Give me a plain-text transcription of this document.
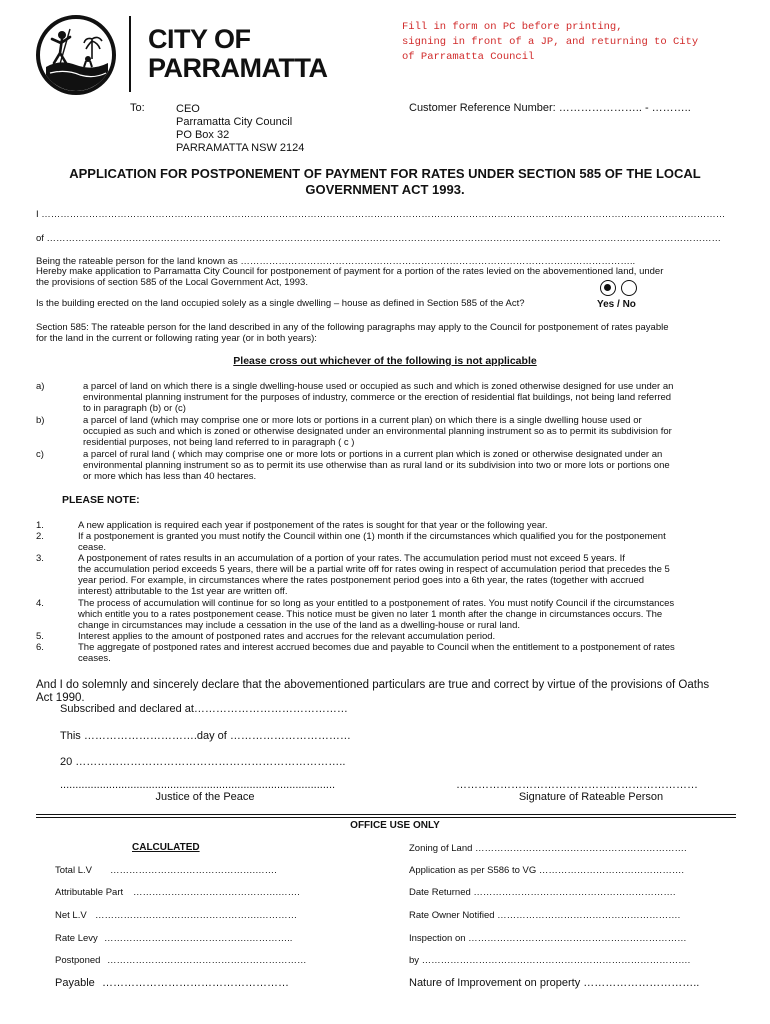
CITY OF
PARRAMATTA
Fill in form on PC before printing,
signing in front of a JP, and returning to City
of Parramatta Council
To:	CEO
Parramatta City Council
PO Box 32
PARRAMATTA NSW 2124
Customer Reference Number: ………………….. - ………..
APPLICATION FOR POSTPONEMENT OF PAYMENT FOR RATES UNDER SECTION 585 OF THE LOCAL
GOVERNMENT ACT 1993.
I ………………………………………………………………………………………………………………………………………………………………………………………………
of ……………………………………………………………………………………………………………………………………………………………………………………………
Being the rateable person for the land known as ……………………………………………………………………………………………………………..
Hereby make application to Parramatta City Council for postponement of payment for a portion of the rates levied on the abovementioned land, under
the provisions of section 585 of the Local Government Act, 1993.
Is the building erected on the land occupied solely as a single dwelling – house as defined in Section 585 of the Act?	Yes / No
Section 585: The rateable person for the land described in any of the following paragraphs may apply to the Council for postponement of rates payable
for the land in the current or following rating year (or in both years):
Please cross out whichever of the following is not applicable
a)	a parcel of land on which there is a single dwelling-house used or occupied as such and which is zoned otherwise designed for use under an
environmental planning instrument for the purposes of industry, commerce or the erection of residential flat buildings, not being land referred
to in paragraph (b) or (c)
b)	a parcel of land (which may comprise one or more lots or portions in a current plan) on which there is a single dwelling house used or
occupied as such and which is zoned or otherwise designated under an environmental planning instrument so as to permit its subdivision for
residential purposes, not being land referred to in paragraph ( c )
c)	a parcel of rural land ( which may comprise one or more lots or portions in a current plan which is zoned or otherwise designated under an
environmental planning instrument so as to permit its use otherwise than as rural land or its subdivision into two or more lots or portions one
or more which has less than 40 hectares.
PLEASE NOTE:
1.	A new application is required each year if postponement of the rates is sought for that year or the following year.
2.	If a postponement is granted you must notify the Council within one (1) month if the circumstances which qualified you for the postponement
cease.
3.	A postponement of rates results in an accumulation of a portion of your rates. The accumulation period must not exceed 5 years. If
the accumulation period exceeds 5 years, there will be a partial write off for rates owing in respect of accumulation period that precedes the 5
year period. For example, in circumstances where the rates postponement period goes into a 6th year, the rates (together with accrued
interest) attributable to the 1st year are written off.
4.	The process of accumulation will continue for so long as your entitled to a postponement of rates. You must notify Council if the circumstances
which entitle you to a rates postponement cease. This notice must be given no later 1 month after the change in circumstances occurs. The
change in circumstances may include a cessation in the use of the land as a dwelling-house or rural land.
5.	Interest applies to the amount of postponed rates and accrues for the relevant accumulation period.
6.	The aggregate of postponed rates and interest accrued becomes due and payable to Council when the entitlement to a postponement of rates
ceases.
And I do solemnly and sincerely declare that the abovementioned particulars are true and correct by virtue of the provisions of Oaths
Act 1990.
Subscribed and declared at……………………………………
This ………………………….day of ……………………………
20 ………………………………………………………………..
..........................................................................................
Justice of the Peace
…………………………………………………………
Signature of Rateable Person
OFFICE USE ONLY
CALCULATED
Total L.V ……………………………………….…….
Attributable Part ……………………………………….…….
Net L.V …………………………………………….…………
Rate Levy ……………………………………….…………..
Postponed ………………………………………………………
Payable ……………………………………………
Zoning of Land ………………………………………………………….
Application as per S586 to VG ……………………………………….
Date Returned ……………………………………………………….
Rate Owner Notified ………………………………………………….
Inspection on ……………………………………………………………
by ………………………………………………………………………….
Nature of Improvement on property …………………………..
